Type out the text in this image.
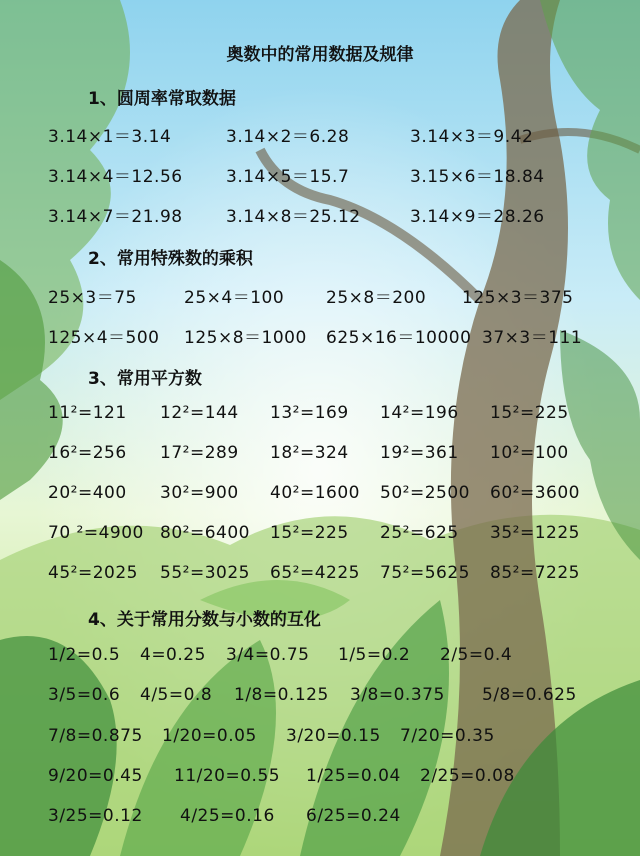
奥数中的常用数据及规律
1、圆周率常取数据
3.14×1＝3.14	3.14×2＝6.28	3.14×3＝9.42
3.14×4＝12.56	3.14×5＝15.7	3.15×6＝18.84
3.14×7＝21.98	3.14×8＝25.12	3.14×9＝28.26
2、常用特殊数的乘积
25×3＝75	25×4＝100 25×8＝200 125×3＝375
125×4＝500 125×8＝1000 625×16＝10000 37×3＝111
3、常用平方数
11²=121 12²=144 13²=169 14²=196 15²=225
16²=256 17²=289 18²=324 19²=361 10²=100
20²=400 30²=900 40²=1600 50²=2500 60²=3600
70 ²=4900 80²=6400 15²=225 25²=625 35²=1225
45²=2025 55²=3025 65²=4225 75²=5625 85²=7225
4、关于常用分数与小数的互化
1/2=0.5 4=0.25 3/4=0.75 1/5=0.2 2/5=0.4
3/5=0.6 4/5=0.8 1/8=0.125 3/8=0.375 5/8=0.625
7/8=0.875 1/20=0.05 3/20=0.15 7/20=0.35
9/20=0.45 11/20=0.55 1/25=0.04 2/25=0.08
3/25=0.12 4/25=0.16 6/25=0.24
